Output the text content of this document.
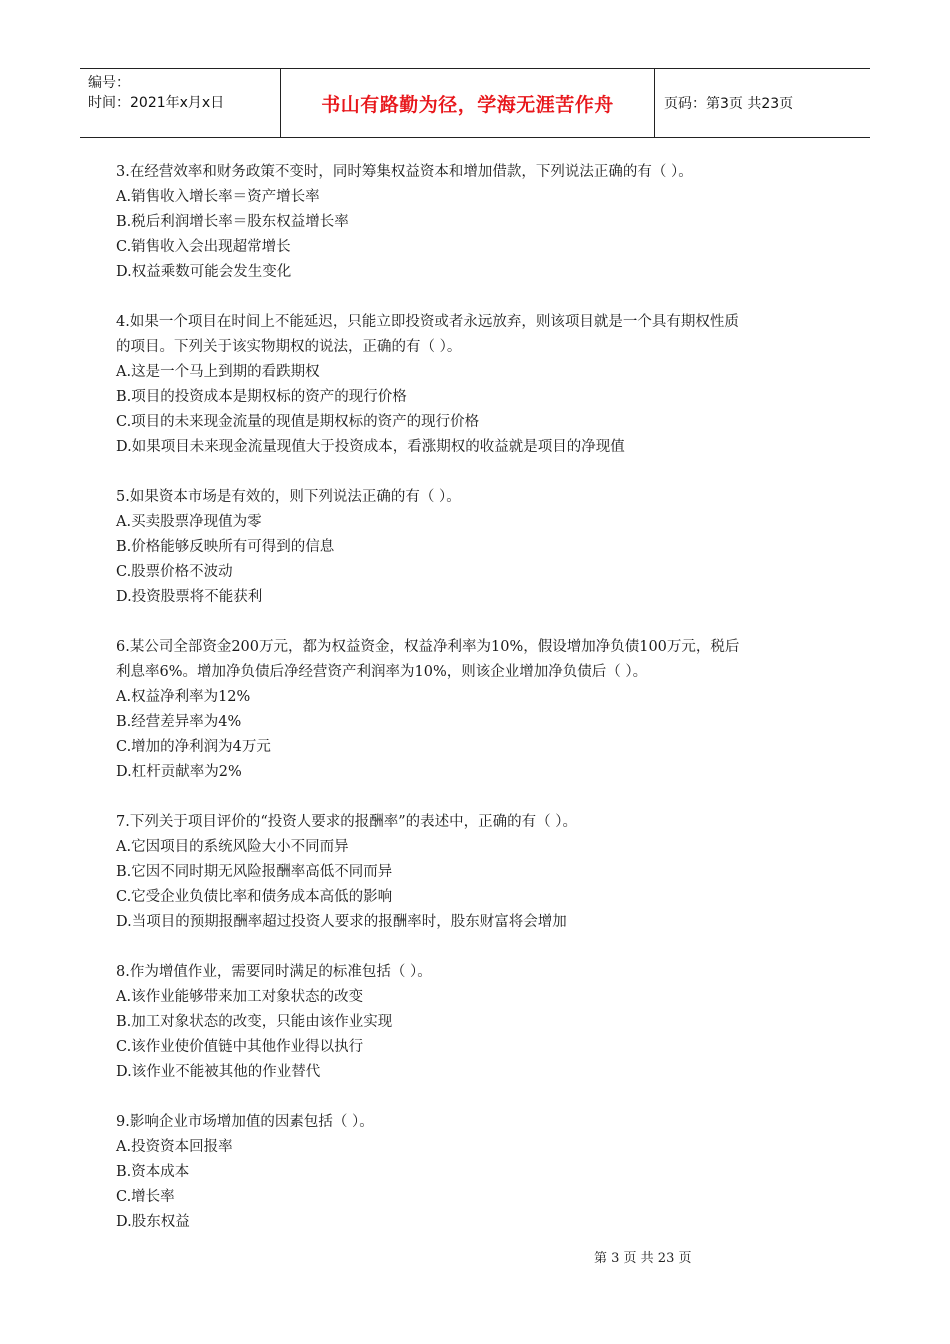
编号：
时间：2021年x月x日	书山有路勤为径，学海无涯苦作舟	页码：第3页 共23页
3.在经营效率和财务政策不变时，同时筹集权益资本和增加借款，下列说法正确的有（ ）。
A.销售收入增长率＝资产增长率
B.税后利润增长率＝股东权益增长率
C.销售收入会出现超常增长
D.权益乘数可能会发生变化
4.如果一个项目在时间上不能延迟，只能立即投资或者永远放弃，则该项目就是一个具有期权性质
的项目。下列关于该实物期权的说法，正确的有（ ）。
A.这是一个马上到期的看跌期权
B.项目的投资成本是期权标的资产的现行价格
C.项目的未来现金流量的现值是期权标的资产的现行价格
D.如果项目未来现金流量现值大于投资成本，看涨期权的收益就是项目的净现值
5.如果资本市场是有效的，则下列说法正确的有（ ）。
A.买卖股票净现值为零
B.价格能够反映所有可得到的信息
C.股票价格不波动
D.投资股票将不能获利
6.某公司全部资金200万元，都为权益资金，权益净利率为10%，假设增加净负债100万元，税后
利息率6%。增加净负债后净经营资产利润率为10%，则该企业增加净负债后（ ）。
A.权益净利率为12%
B.经营差异率为4%
C.增加的净利润为4万元
D.杠杆贡献率为2%
7.下列关于项目评价的“投资人要求的报酬率”的表述中，正确的有（ ）。
A.它因项目的系统风险大小不同而异
B.它因不同时期无风险报酬率高低不同而异
C.它受企业负债比率和债务成本高低的影响
D.当项目的预期报酬率超过投资人要求的报酬率时，股东财富将会增加
8.作为增值作业，需要同时满足的标准包括（ ）。
A.该作业能够带来加工对象状态的改变
B.加工对象状态的改变，只能由该作业实现
C.该作业使价值链中其他作业得以执行
D.该作业不能被其他的作业替代
9.影响企业市场增加值的因素包括（ ）。
A.投资资本回报率
B.资本成本
C.增长率
D.股东权益
第 3 页 共 23 页
